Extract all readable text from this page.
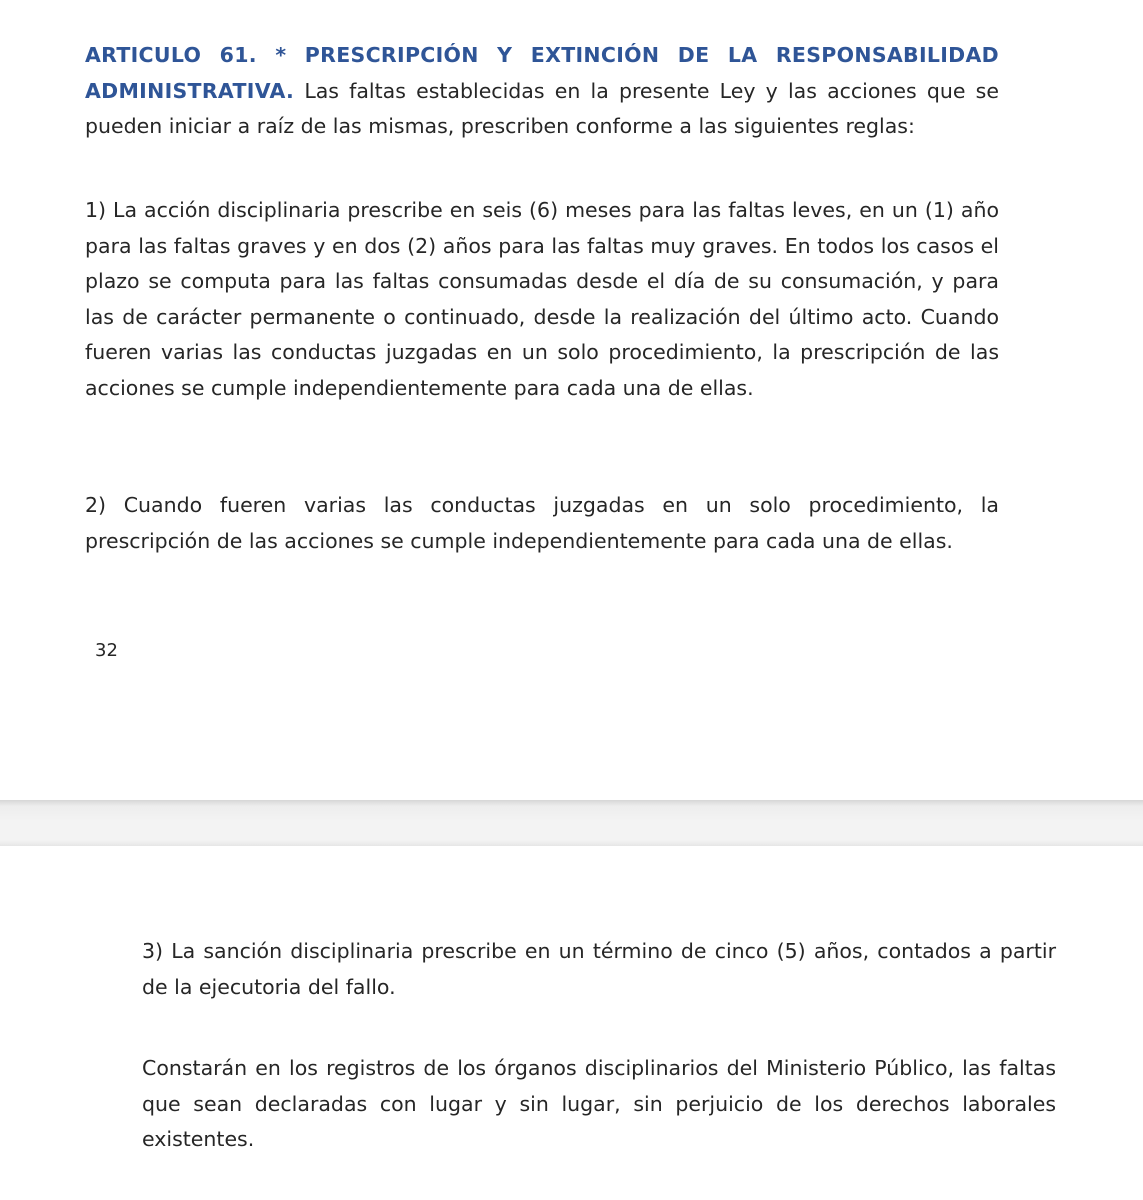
ARTICULO 61. * PRESCRIPCIÓN Y EXTINCIÓN DE LA RESPONSABILIDAD ADMINISTRATIVA. Las faltas establecidas en la presente Ley y las acciones que se pueden iniciar a raíz de las mismas, prescriben conforme a las siguientes reglas:

1) La acción disciplinaria prescribe en seis (6) meses para las faltas leves, en un (1) año para las faltas graves y en dos (2) años para las faltas muy graves. En todos los casos el plazo se computa para las faltas consumadas desde el día de su consumación, y para las de carácter permanente o continuado, desde la realización del último acto. Cuando fueren varias las conductas juzgadas en un solo procedimiento, la prescripción de las acciones se cumple independientemente para cada una de ellas.

2) Cuando fueren varias las conductas juzgadas en un solo procedimiento, la prescripción de las acciones se cumple independientemente para cada una de ellas.

32

3) La sanción disciplinaria prescribe en un término de cinco (5) años, contados a partir de la ejecutoria del fallo.

Constarán en los registros de los órganos disciplinarios del Ministerio Público, las faltas que sean declaradas con lugar y sin lugar, sin perjuicio de los derechos laborales existentes.
